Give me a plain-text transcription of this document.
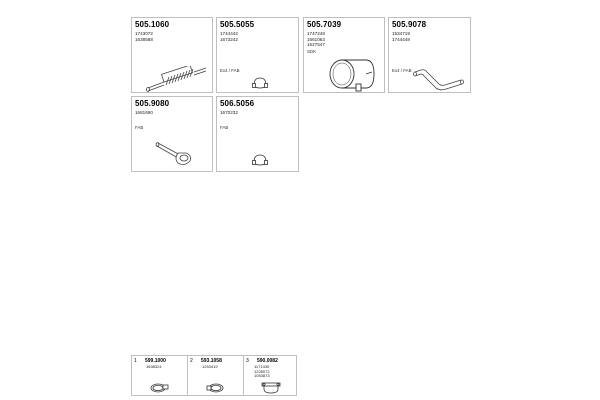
505.1060
1743072
1638588
505.5055
1744442
1673242
Ex4 / FAB
505.7039
1747248
1661063
1627547
SDK
505.9078
1534719
1744448
Ex4 / FAB
505.9080
1681690
FAB
506.5056
1670232
FAB
1 599.1000
1638324
2 593.1058
1253419
3 590.0082
1171430
1228072
1053873
